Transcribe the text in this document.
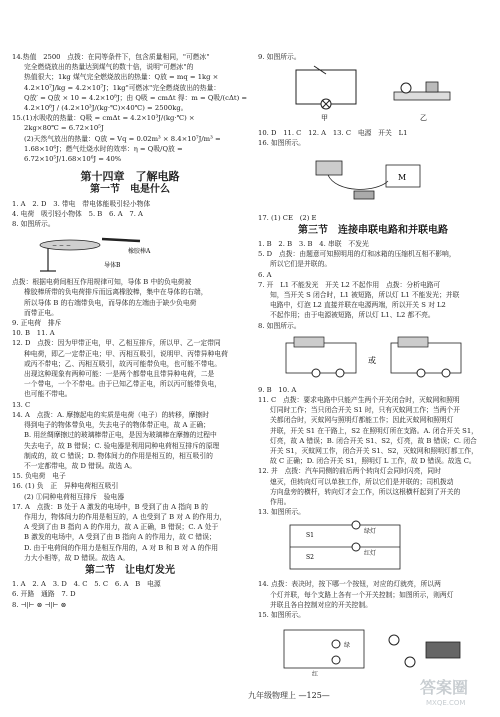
14.热值　2500　点拨：在同等条件下，包含质量相同，"可燃冰"

完全燃烧放出的热量达到煤气的数十倍，说明"可燃冰"的

热值很大；1kg 煤气完全燃烧放出的热量：Q放 = mq = 1kg ×

4.2×10⁷J/kg = 4.2×10⁷J；1kg"可燃冰"完全燃烧放出的热量：

Q放′ = Q放 × 10 = 4.2×10⁸J；由 Q吸 = cmΔt 得：m = Q吸/(cΔt) =

4.2×10⁸J / (4.2×10³J/(kg·℃)×40℃) = 2500kg。

15.(1)水吸收的热量：Q吸 = cmΔt = 4.2×10³J/(kg·℃) ×

2kg×80℃ = 6.72×10⁵J

(2)天然气放出的热量：Q放 = Vq = 0.02m³ × 8.4×10⁷J/m³ =

1.68×10⁶J；燃气灶烧水时的效率：η = Q吸/Q放 = 6.72×10⁵J/1.68×10⁶J = 40%

第十四章　了解电路
第一节　电是什么

1. A　2. D　3. 带电　带电体能吸引轻小物体

4. 电荷　吸引轻小物体　5. B　6. A　7. A

8. 如图所示。

− − −
橡胶棒A
导体B

点拨：根据电荷间相互作用规律可知，导体 B 中的负电荷被

橡胶棒所带的负电荷排斥而远离橡胶棒，集中在导体的右端，

所以导体 B 的右端带负电，而导体的左端由于缺少负电荷

而带正电。

9. 正电荷　排斥

10. B　11. A

12. D　点拨：因为甲带正电，甲、乙相互排斥，所以甲、乙一定带同

种电荷，即乙一定带正电；甲、丙相互吸引，说明甲、丙带异种电荷

或丙不带电；乙、丙相互吸引，故丙可能带负电，也可能不带电。

出现这种现象有两种可能：一是两个都带电且带异种电荷，二是

一个带电，一个不带电。由于已知乙带正电，所以丙可能带负电，

也可能不带电。

13. C

14. A　点拨：A. 摩擦起电的实质是电荷（电子）的转移，摩擦时

得到电子的物体带负电，失去电子的物体带正电，故 A 正确；

B. 用丝绸摩擦过的玻璃棒带正电，是因为玻璃棒在摩擦的过程中

失去电子，故 B 错误；C. 验电器是利用同种电荷相互排斥的原理

制成的，故 C 错误；D. 物体间力的作用是相互的，相互吸引的

不一定都带电，故 D 错误。故选 A。

15. 负电荷　电子

16. (1) 负　正　异种电荷相互吸引

(2) ①同种电荷相互排斥　验电器

17. A　点拨：B 处于 A 激发的电场中，B 受到了由 A 指向 B 的

作用力，物体间力的作用是相互的，A 也受到了 B 对 A 的作用力，

A 受到了由 B 指向 A 的作用力，故 A 正确，B 错误；C. A 处于

B 激发的电场中，A 受到了由 B 指向 A 的作用力，故 C 错误；

D. 由于电荷间的作用力是相互作用的，A 对 B 和 B 对 A 的作用

力大小相等，故 D 错误。故选 A。

第二节　让电灯发光

1. A　2. A　3. D　4. C　5. C　6. A　B　电源

6. 开路　通路　7. D

8. ⊣|⊢ ⊗ ⊣|⊢ ⊗

9. 如图所示。

甲	乙

10. D　11. C　12. A　13. C　电源　开关　L1

16. 如图所示。

M

17. (1) CE　(2) E

第三节　连接串联电路和并联电路

1. B　2. B　3. B　4. 串联　不发光

5. D　点拨：由题意可知照明用的灯和冰箱的压缩机互相不影响，

所以它们是并联的。

6. A

7. 开　L1 不能发光　开关 L2 不起作用　点拨：分析电路可

知，当开关 S 闭合时，L1 被短路，所以灯 L1 不能发光；并联

电路中，灯泡 L2 直接并联在电源两端，所以开关 S 对 L2

不起作用；由于电源被短路，所以灯 L1、L2 都不亮。

8. 如图所示。

或

9. B　10. A

11. C　点拨：要求电路中只能产生两个开关闭合时，灭蚊网和照明

灯同时工作；当只闭合开关 S1 时，只有灭蚊网工作；当两个开

关都闭合时，灭蚊网与照明灯都能工作；因此灭蚊网和照明灯

并联，开关 S1 在干路上，S2 在照明灯所在支路。A. 闭合开关 S1，

灯亮，故 A 错误；B. 闭合开关 S1、S2，灯亮，故 B 错误；C. 闭合

开关 S1，灭蚊网工作，闭合开关 S1、S2，灭蚊网和照明灯都工作，

故 C 正确；D. 闭合开关 S1，照明灯 L 工作，故 D 错误。故选 C。

12. 并　点拨：汽车同侧的前后两个转向灯会同时闪亮，同时

熄灭，但转向灯可以单独工作，所以它们是并联的；司机拨动

方向盘旁的横杆，转向灯才会工作，所以这根横杆起到了开关的

作用。

13. 如图所示。

S1
S2
绿灯
红灯

14. 点拨：表决时，按下哪一个按钮，对应的灯就亮，所以两

个灯并联，每个支路上各有一个开关控制；如图所示，则两灯

并联且各自控制对应的开关控制。

15. 如图所示。

绿
红
九年级物理上 —125—	答案圈
MXQE.COM
